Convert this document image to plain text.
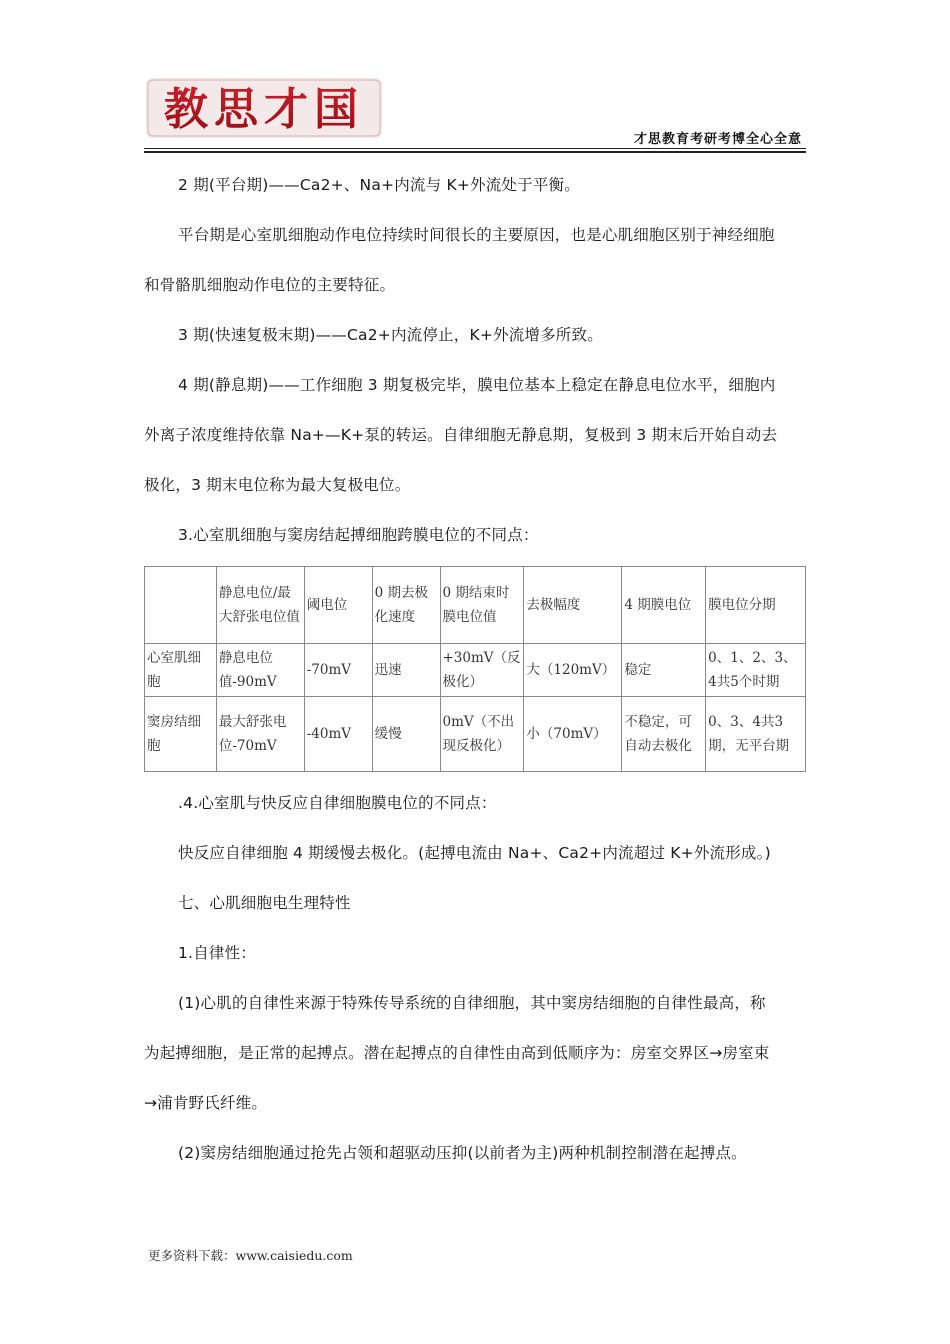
教思才国
才思教育考研考博全心全意

2 期(平台期)——Ca2+、Na+内流与 K+外流处于平衡。

平台期是心室肌细胞动作电位持续时间很长的主要原因，也是心肌细胞区别于神经细胞

和骨骼肌细胞动作电位的主要特征。

3 期(快速复极末期)——Ca2+内流停止，K+外流增多所致。

4 期(静息期)——工作细胞 3 期复极完毕，膜电位基本上稳定在静息电位水平，细胞内

外离子浓度维持依靠 Na+—K+泵的转运。自律细胞无静息期，复极到 3 期末后开始自动去

极化，3 期末电位称为最大复极电位。

3.心室肌细胞与窦房结起搏细胞跨膜电位的不同点：

	静息电位/最大舒张电位值	阈电位	0 期去极化速度	0 期结束时膜电位值	去极幅度	4 期膜电位	膜电位分期
心室肌细胞	静息电位值-90mV	-70mV	迅速	+30mV（反极化）	大（120mV）	稳定	0、1、2、3、4共5个时期
窦房结细胞	最大舒张电位-70mV	-40mV	缓慢	0mV（不出现反极化）	小（70mV）	不稳定，可自动去极化	0、3、4共3期，无平台期

.4.心室肌与快反应自律细胞膜电位的不同点：

快反应自律细胞 4 期缓慢去极化。(起搏电流由 Na+、Ca2+内流超过 K+外流形成。)

七、心肌细胞电生理特性

1.自律性：

(1)心肌的自律性来源于特殊传导系统的自律细胞，其中窦房结细胞的自律性最高，称

为起搏细胞，是正常的起搏点。潜在起搏点的自律性由高到低顺序为：房室交界区→房室束

→浦肯野氏纤维。

(2)窦房结细胞通过抢先占领和超驱动压抑(以前者为主)两种机制控制潜在起搏点。

更多资料下载：www.caisiedu.com
